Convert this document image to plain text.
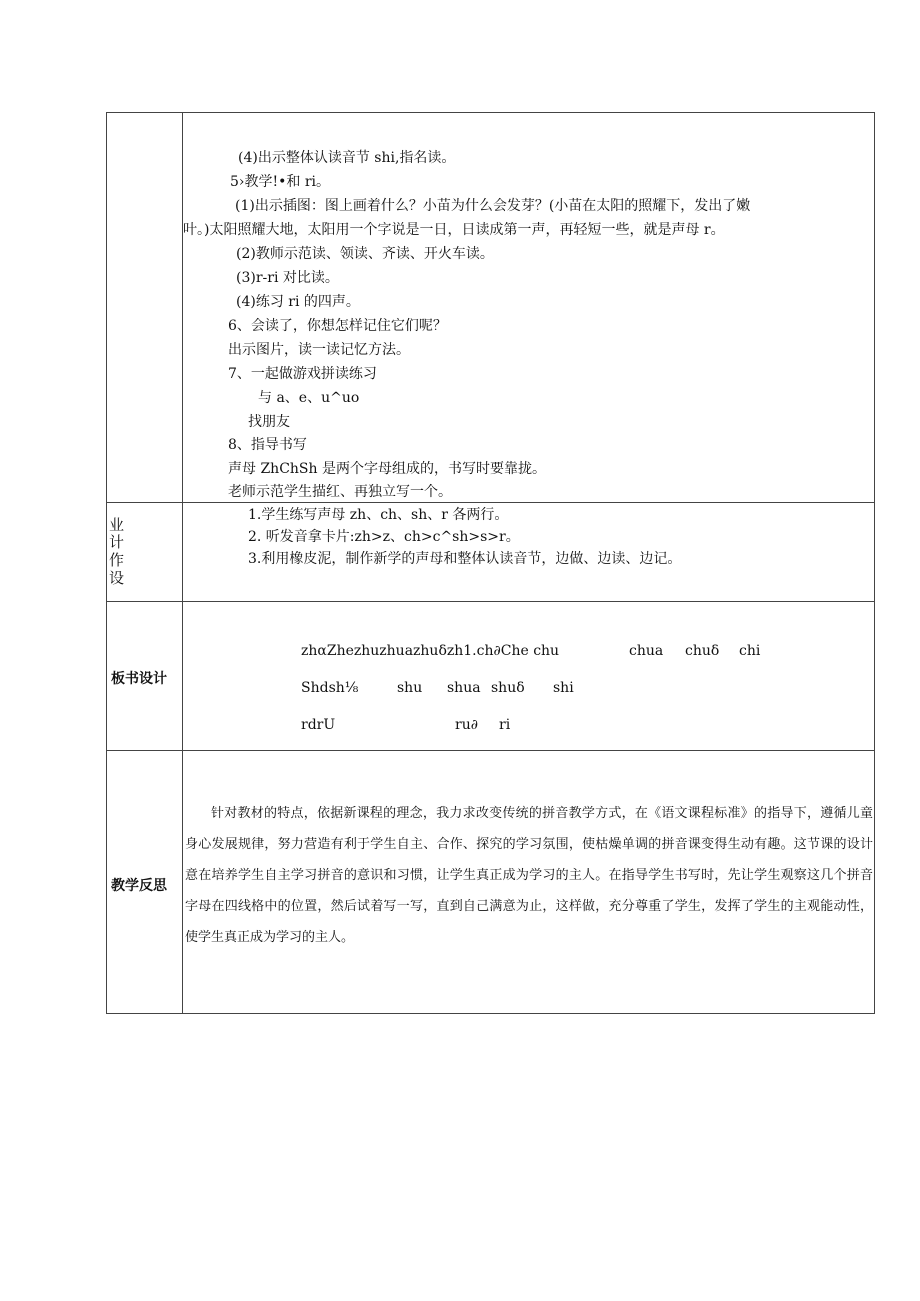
(4)出示整体认读音节 shi,指名读。
5›教学!•和 ri。
(1)出示插图：图上画着什么？小苗为什么会发芽？(小苗在太阳的照耀下，发出了嫩
叶。)太阳照耀大地，太阳用一个字说是一日，日读成第一声，再轻短一些，就是声母 r。
(2)教师示范读、领读、齐读、开火车读。
(3)r-ri 对比读。
(4)练习 ri 的四声。
6、会读了，你想怎样记住它们呢？
出示图片，读一读记忆方法。
7、一起做游戏拼读练习
与 a、e、u^uo
找朋友
8、指导书写
声母 ZhChSh 是两个字母组成的，书写时要靠拢。
老师示范学生描红、再独立写一个。
业
计
作
设
1.学生练写声母 zh、ch、sh、r 各两行。
2. 听发音拿卡片:zh>z、ch>c^sh>s>r。
3.利用橡皮泥，制作新学的声母和整体认读音节，边做、边读、边记。
板书设计
zhαZhezhuzhuazhuδzh1.ch∂Che chu	chua chuδ chi
Shdsh⅛	shu shua shuδ shi
rdrU	ru∂ ri
教学反思
针对教材的特点，依据新课程的理念，我力求改变传统的拼音教学方式，在《语文课程标准》的指导下，遵循儿童身心发展规律，努力营造有利于学生自主、合作、探究的学习氛围，使枯燥单调的拼音课变得生动有趣。这节课的设计意在培养学生自主学习拼音的意识和习惯，让学生真正成为学习的主人。在指导学生书写时，先让学生观察这几个拼音字母在四线格中的位置，然后试着写一写，直到自己满意为止，这样做，充分尊重了学生，发挥了学生的主观能动性，使学生真正成为学习的主人。
